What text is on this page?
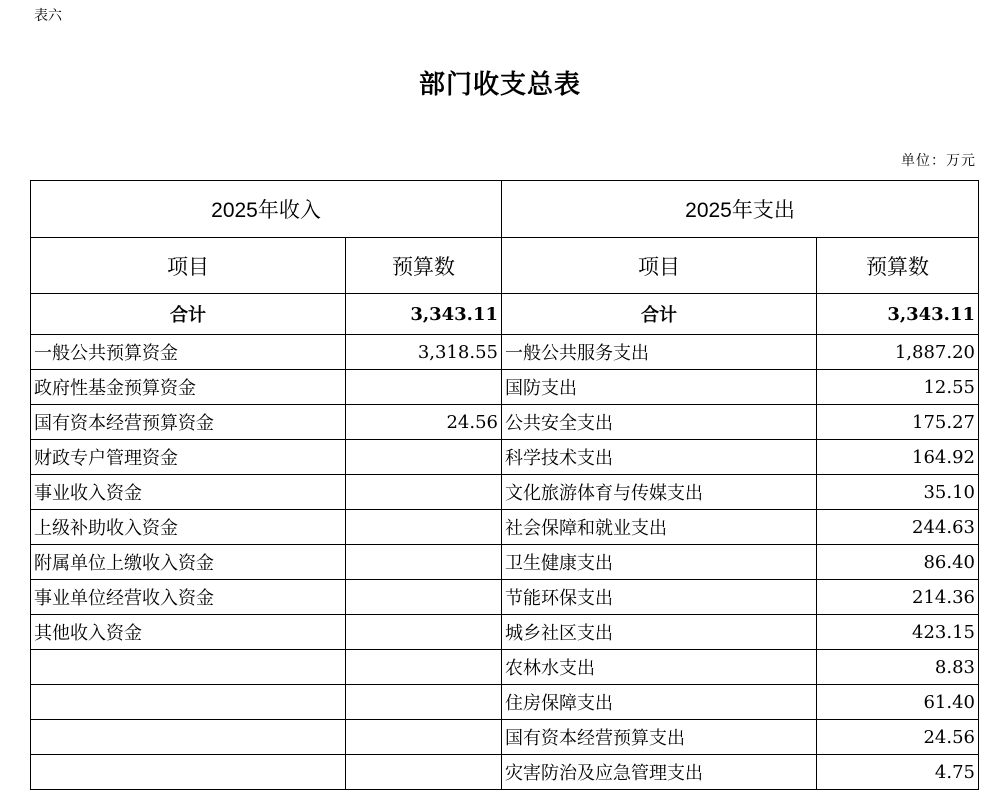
表六
部门收支总表
单位：万元
2025年收入		2025年支出	
项目	预算数	项目	预算数
合计	3,343.11	合计	3,343.11
一般公共预算资金	3,318.55	一般公共服务支出	1,887.20
政府性基金预算资金		国防支出	12.55
国有资本经营预算资金	24.56	公共安全支出	175.27
财政专户管理资金		科学技术支出	164.92
事业收入资金		文化旅游体育与传媒支出	35.10
上级补助收入资金		社会保障和就业支出	244.63
附属单位上缴收入资金		卫生健康支出	86.40
事业单位经营收入资金		节能环保支出	214.36
其他收入资金		城乡社区支出	423.15
		农林水支出	8.83
		住房保障支出	61.40
		国有资本经营预算支出	24.56
		灾害防治及应急管理支出	4.75
